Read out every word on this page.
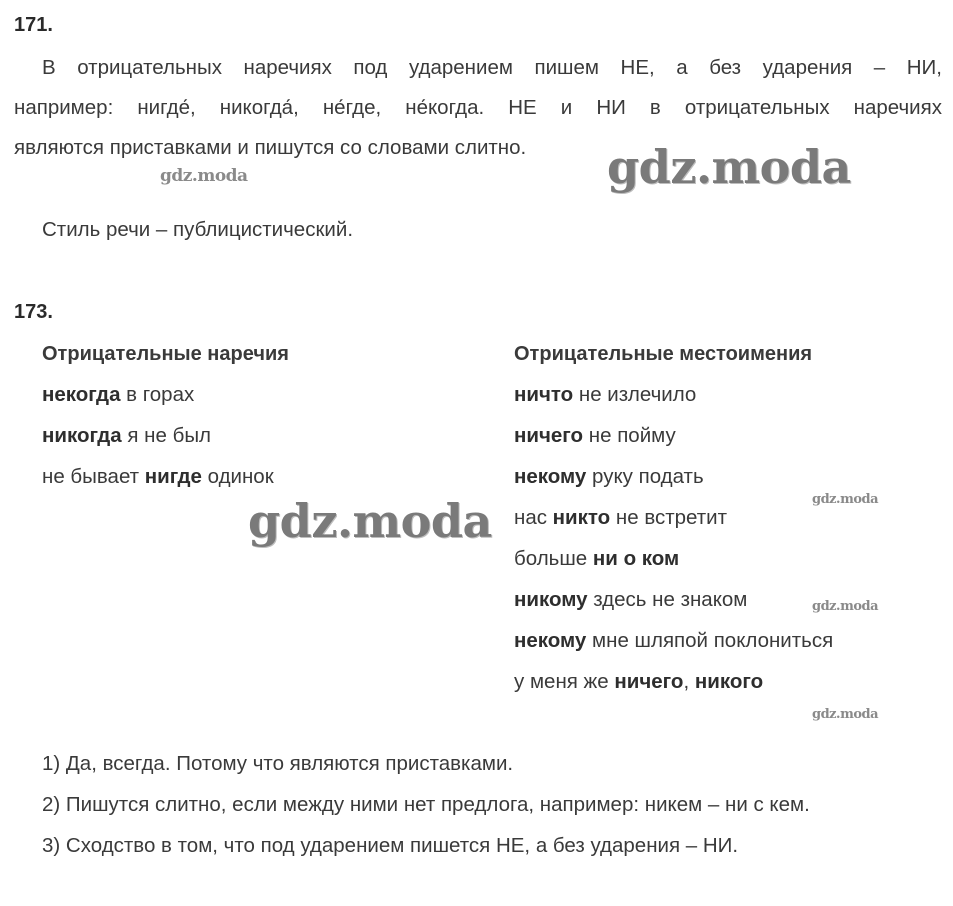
171.
В отрицательных наречиях под ударением пишем НЕ, а без ударения – НИ,
например: нигде́, никогда́, не́где, не́когда. НЕ и НИ в отрицательных наречиях
являются приставками и пишутся со словами слитно.
Стиль речи – публицистический.
173.
Отрицательные наречия	Отрицательные местоимения
некогда в горах
никогда я не был
не бывает нигде одинок
ничто не излечило
ничего не пойму
некому руку подать
нас никто не встретит
больше ни о ком
никому здесь не знаком
некому мне шляпой поклониться
у меня же ничего, никого
1) Да, всегда. Потому что являются приставками.
2) Пишутся слитно, если между ними нет предлога, например: никем – ни с кем.
3) Сходство в том, что под ударением пишется НЕ, а без ударения – НИ.
gdz.moda
gdz.moda
gdz.moda	gdz.moda
gdz.moda
gdz.moda
